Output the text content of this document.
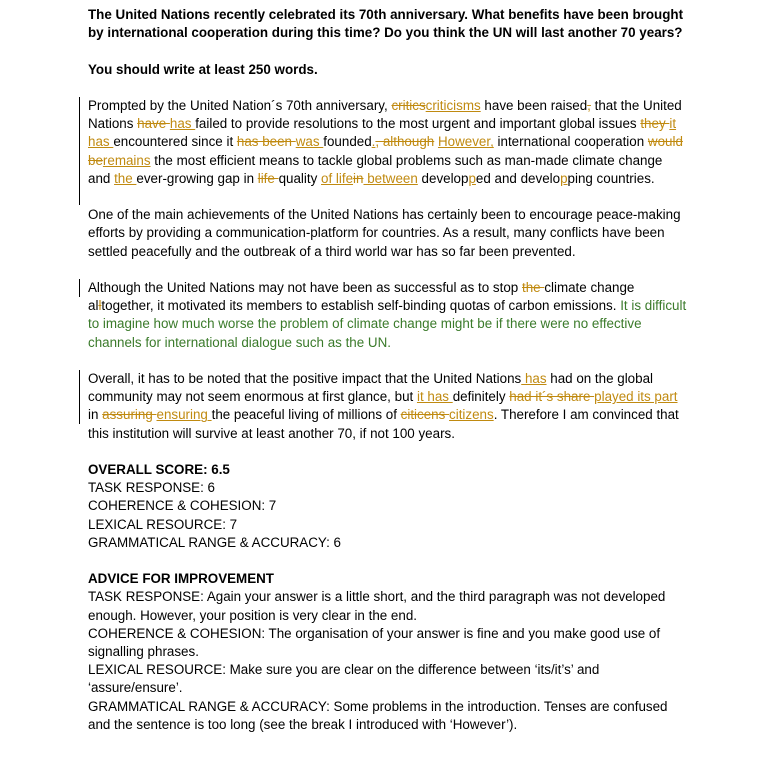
The United Nations recently celebrated its 70th anniversary. What benefits have been brought by international cooperation during this time? Do you think the UN will last another 70 years?

You should write at least 250 words.

Prompted by the United Nation´s 70th anniversary, criticscriticisms have been raised, that the United Nations have has failed to provide resolutions to the most urgent and important global issues they it has encountered since it has been was founded., although However, international cooperation would beremains the most efficient means to tackle global problems such as man-made climate change and the ever-growing gap in life quality of lifein between developped and developping countries.

One of the main achievements of the United Nations has certainly been to encourage peace-making efforts by providing a communication-platform for countries. As a result, many conflicts have been settled peacefully and the outbreak of a third world war has so far been prevented.

Although the United Nations may not have been as successful as to stop the climate change alltogether, it motivated its members to establish self-binding quotas of carbon emissions. It is difficult to imagine how much worse the problem of climate change might be if there were no effective channels for international dialogue such as the UN.

Overall, it has to be noted that the positive impact that the United Nations has had on the global community may not seem enormous at first glance, but it has definitely had it´s share played its part in assuring ensuring the peaceful living of millions of citicens citizens. Therefore I am convinced that this institution will survive at least another 70, if not 100 years.

OVERALL SCORE: 6.5

TASK RESPONSE: 6

COHERENCE & COHESION: 7

LEXICAL RESOURCE: 7

GRAMMATICAL RANGE & ACCURACY: 6

ADVICE FOR IMPROVEMENT

TASK RESPONSE: Again your answer is a little short, and the third paragraph was not developed enough. However, your position is very clear in the end.

COHERENCE & COHESION: The organisation of your answer is fine and you make good use of signalling phrases.

LEXICAL RESOURCE: Make sure you are clear on the difference between ‘its/it’s’ and ‘assure/ensure’.

GRAMMATICAL RANGE & ACCURACY: Some problems in the introduction. Tenses are confused and the sentence is too long (see the break I introduced with ‘However’).
